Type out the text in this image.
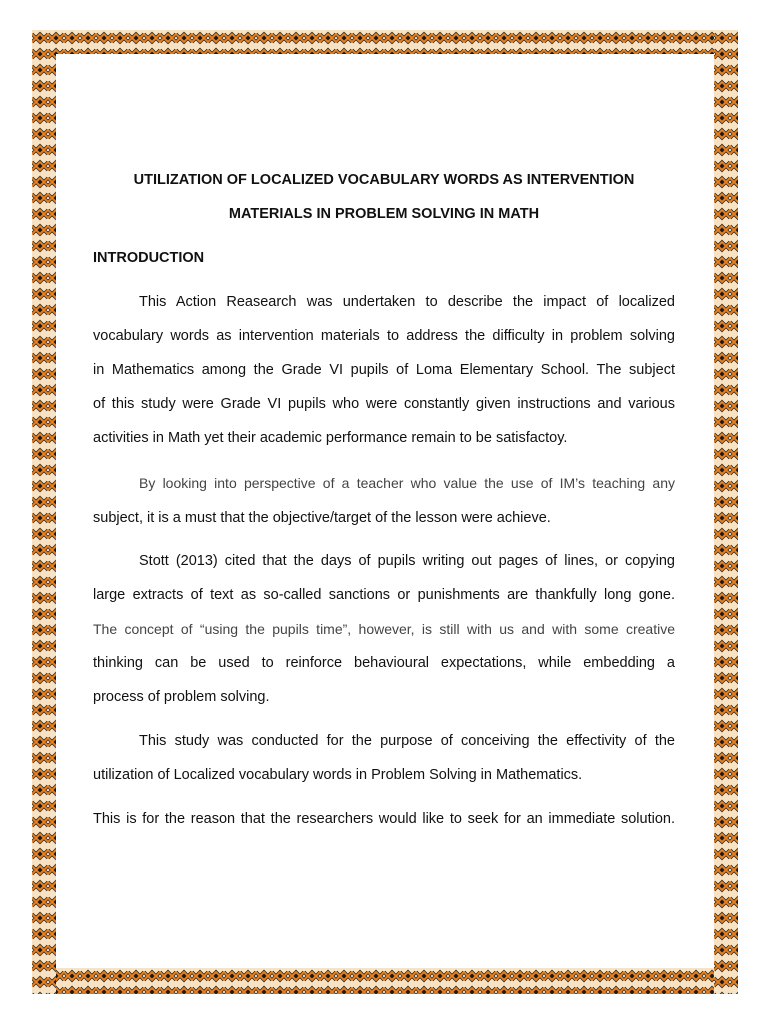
UTILIZATION OF LOCALIZED VOCABULARY WORDS AS INTERVENTION
MATERIALS IN PROBLEM SOLVING IN MATH
INTRODUCTION
This Action Reasearch was undertaken to describe the impact of localized
vocabulary words as intervention materials to address the difficulty in problem solving
in Mathematics among the Grade VI pupils of Loma Elementary School. The subject
of this study were Grade VI pupils who were constantly given instructions and various
activities in Math yet their academic performance remain to be satisfactoy.
By looking into perspective of a teacher who value the use of IM’s teaching any
subject, it is a must that the objective/target of the lesson were achieve.
Stott (2013) cited that the days of pupils writing out pages of lines, or copying
large extracts of text as so-called sanctions or punishments are thankfully long gone.
The concept of “using the pupils time”, however, is still with us and with some creative
thinking can be used to reinforce behavioural expectations, while embedding a
process of problem solving.
This study was conducted for the purpose of conceiving the effectivity of the
utilization of Localized vocabulary words in Problem Solving in Mathematics.
This is for the reason that the researchers would like to seek for an immediate solution.
